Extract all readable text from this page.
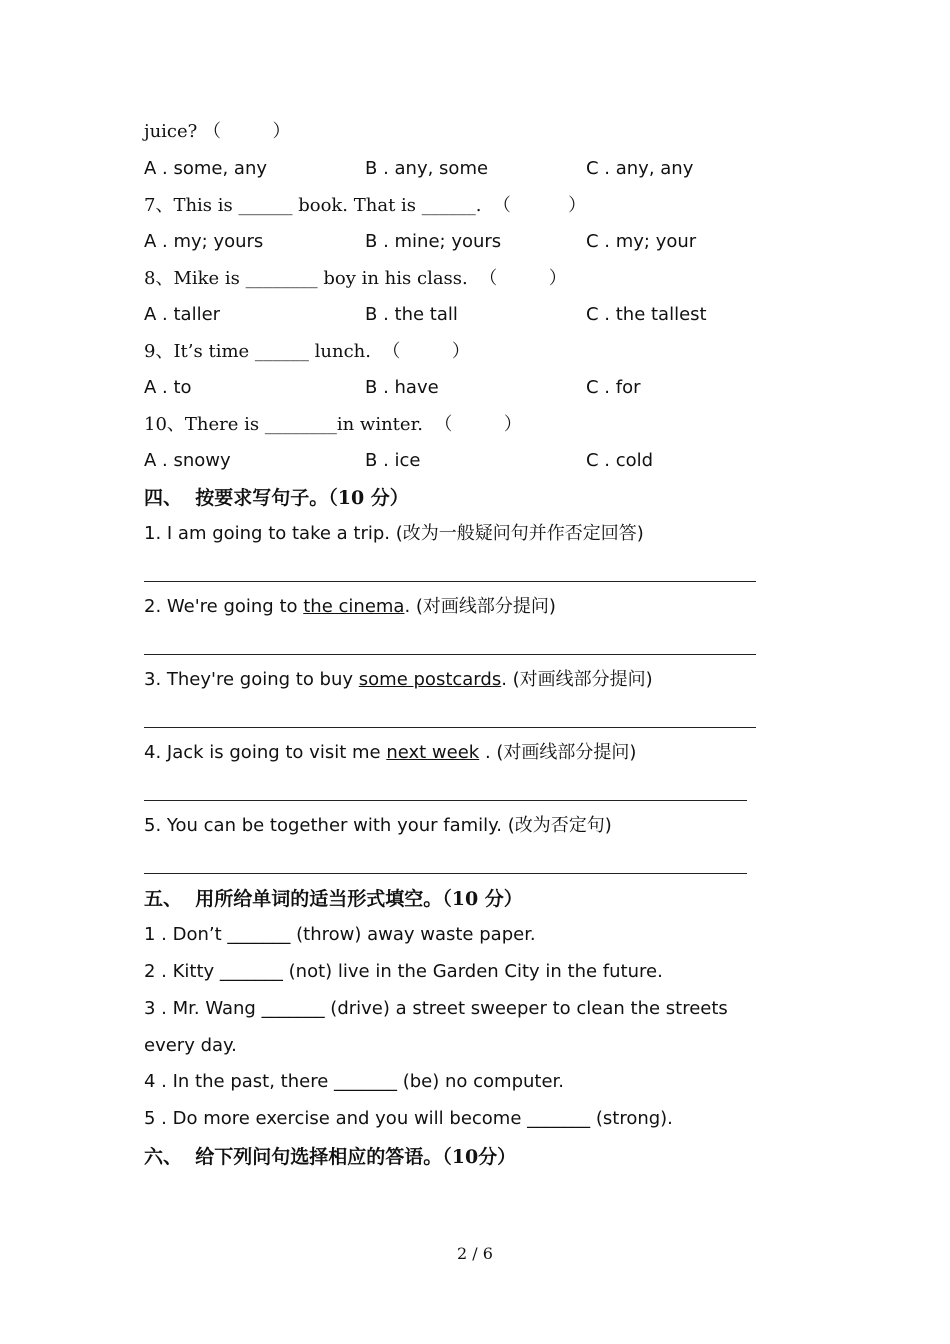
juice? （         ）
A . some, any	B . any, some	C . any, any
7、This is ______ book. That is ______.  （          ）
A . my; yours	B . mine; yours	C . my; your
8、Mike is ________ boy in his class.  （         ）
A . taller	B . the tall	C . the tallest
9、It’s time ______ lunch.  （         ）
A . to	B . have	C . for
10、There is ________in winter.  （         ）
A . snowy	B . ice	C . cold
四、  按要求写句子。（10 分）
1. I am going to take a trip. (改为一般疑问句并作否定回答)
2. We're going to the cinema. (对画线部分提问)
3. They're going to buy some postcards. (对画线部分提问)
4. Jack is going to visit me next week . (对画线部分提问)
5. You can be together with your family. (改为否定句)
五、  用所给单词的适当形式填空。（10 分）
1 . Don’t _______ (throw) away waste paper.
2 . Kitty _______ (not) live in the Garden City in the future.
3 . Mr. Wang _______ (drive) a street sweeper to clean the streets
every day.
4 . In the past, there _______ (be) no computer.
5 . Do more exercise and you will become _______ (strong).
六、  给下列问句选择相应的答语。（10分）
2 / 6
